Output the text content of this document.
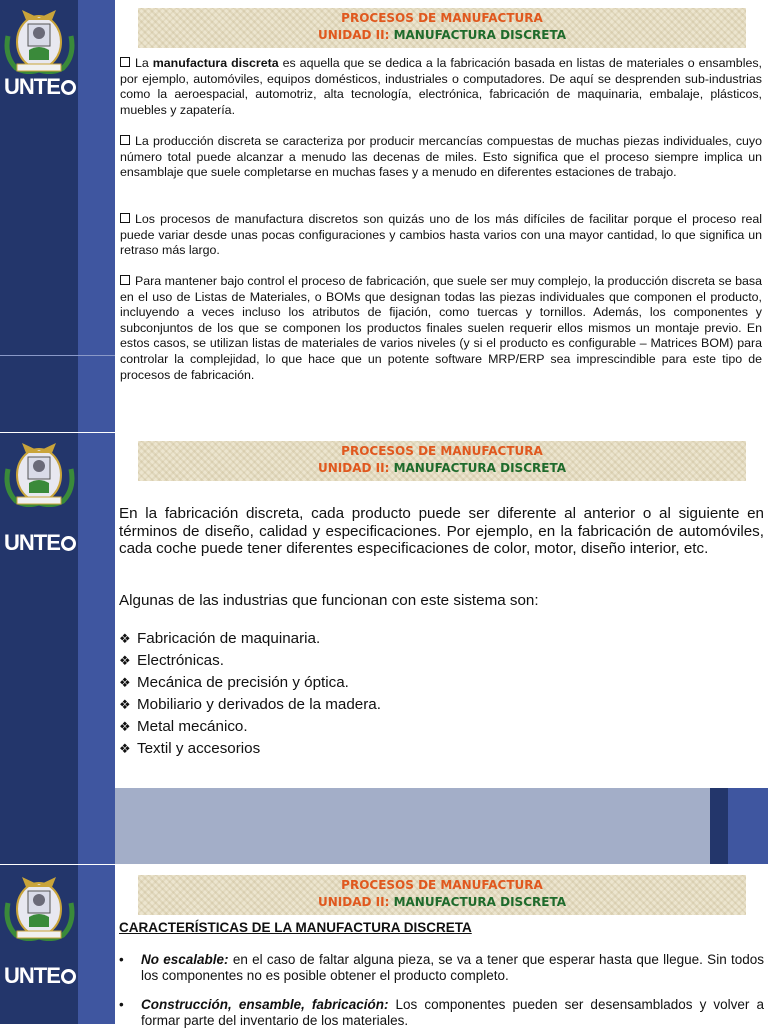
UNTE
PROCESOS DE MANUFACTURA
UNIDAD II: MANUFACTURA DISCRETA
La manufactura discreta es aquella que se dedica a la fabricación basada en listas de materiales o ensambles, por ejemplo, automóviles, equipos domésticos, industriales o computadores. De aquí se desprenden sub-industrias como la aeroespacial, automotriz, alta tecnología, electrónica, fabricación de maquinaria, embalaje, plásticos, muebles y zapatería.
La producción discreta se caracteriza por producir mercancías compuestas de muchas piezas individuales, cuyo número total puede alcanzar a menudo las decenas de miles. Esto significa que el proceso siempre implica un ensamblaje que suele completarse en muchas fases y a menudo en diferentes estaciones de trabajo.
Los procesos de manufactura discretos son quizás uno de los más difíciles de facilitar porque el proceso real puede variar desde unas pocas configuraciones y cambios hasta varios con una mayor cantidad, lo que significa un retraso más largo.
Para mantener bajo control el proceso de fabricación, que suele ser muy complejo, la producción discreta se basa en el uso de Listas de Materiales, o BOMs que designan todas las piezas individuales que componen el producto, incluyendo a veces incluso los atributos de fijación, como tuercas y tornillos. Además, los componentes y subconjuntos de los que se componen los productos finales suelen requerir ellos mismos un montaje previo. En estos casos, se utilizan listas de materiales de varios niveles (y si el producto es configurable – Matrices BOM) para controlar la complejidad, lo que hace que un potente software MRP/ERP sea imprescindible para este tipo de procesos de fabricación.
UNTE
PROCESOS DE MANUFACTURA
UNIDAD II: MANUFACTURA DISCRETA
En la fabricación discreta, cada producto puede ser diferente al anterior o al siguiente en términos de diseño, calidad y especificaciones. Por ejemplo, en la fabricación de automóviles, cada coche puede tener diferentes especificaciones de color, motor, diseño interior, etc.
Algunas de las industrias que funcionan con este sistema son:
❖ Fabricación de maquinaria.
❖ Electrónicas.
❖ Mecánica de precisión y óptica.
❖ Mobiliario y derivados de la madera.
❖ Metal mecánico.
❖ Textil y accesorios
UNTE
PROCESOS DE MANUFACTURA
UNIDAD II: MANUFACTURA DISCRETA
CARACTERÍSTICAS DE LA MANUFACTURA DISCRETA
•	No escalable: en el caso de faltar alguna pieza, se va a tener que esperar hasta que llegue. Sin todos los componentes no es posible obtener el producto completo.
•	Construcción, ensamble, fabricación: Los componentes pueden ser desensamblados y volver a formar parte del inventario de los materiales.
